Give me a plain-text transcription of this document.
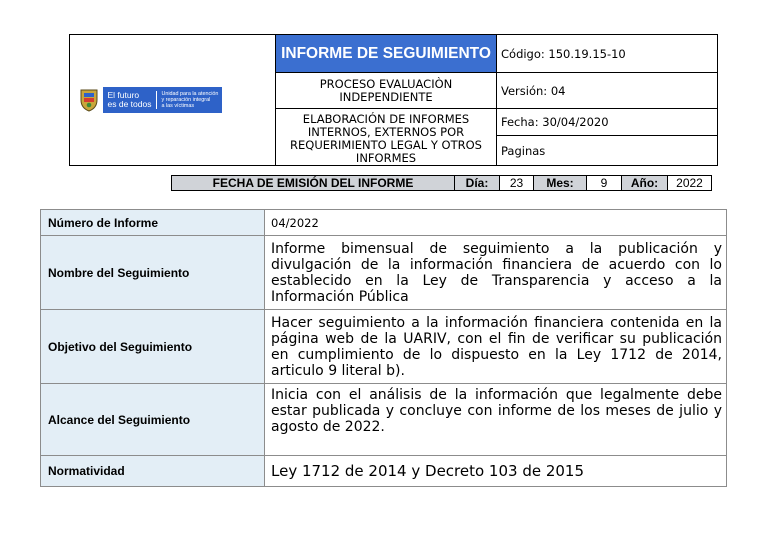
El futuro
es de todos
Unidad para la atención
y reparación integral
a las víctimas	INFORME DE SEGUIMIENTO	Código: 150.19.15-10
	PROCESO EVALUACIÒN INDEPENDIENTE	Versión: 04
	ELABORACIÓN DE INFORMES INTERNOS, EXTERNOS POR REQUERIMIENTO LEGAL Y OTROS INFORMES	Fecha: 30/04/2020
		Paginas
FECHA DE EMISIÓN DEL INFORME	Día:	23	Mes:	9	Año:	2022
Número de Informe	04/2022
Nombre del Seguimiento	Informe bimensual de seguimiento a la publicación y divulgación de la información financiera de acuerdo con lo establecido en la Ley de Transparencia y acceso a la Información Pública
Objetivo del Seguimiento	Hacer seguimiento a la información financiera contenida en la página web de la UARIV, con el fin de verificar su publicación en cumplimiento de lo dispuesto en la Ley 1712 de 2014, articulo 9 literal b).
Alcance del Seguimiento	Inicia con el análisis de la información que legalmente debe estar publicada y concluye con informe de los meses de julio y agosto de 2022.
Normatividad	Ley 1712 de 2014 y Decreto 103 de 2015
